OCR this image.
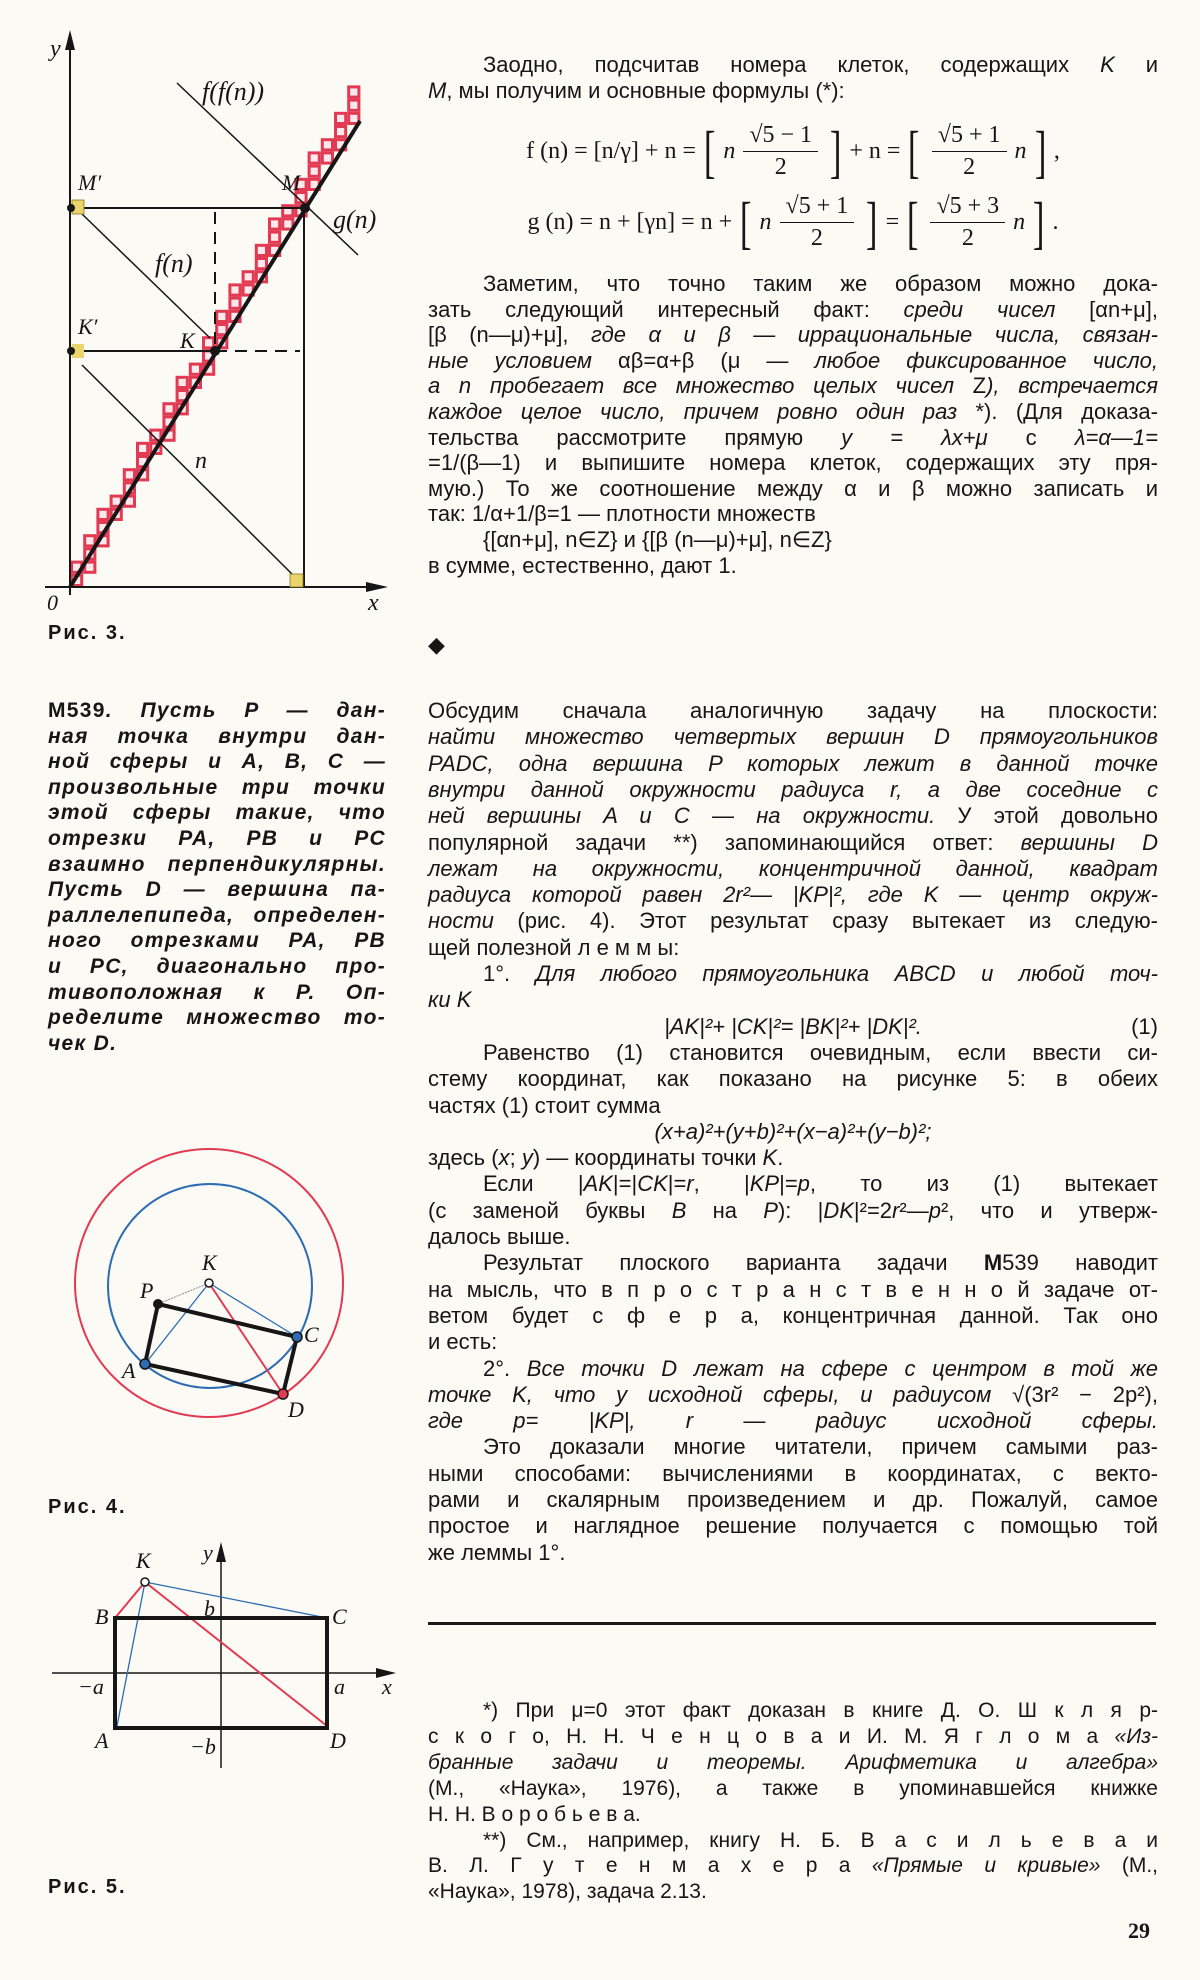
y
x
0
f(f(n))
g(n)
f(n)
n
M
M′
K
K′
Рис. 3.
K
P
A
C
D
Рис. 4.
K y
B	C
b
−a	a x
A	D
−b
Рис. 5.
М539. Пусть P — дан-
ная точка внутри дан-
ной сферы и A, B, C —
произвольные три точки
этой сферы такие, что
отрезки PA, PB и PC
взаимно перпендикулярны.
Пусть D — вершина па-
раллелепипеда, определен-
ного отрезками PA, PB
и PC, диагонально про-
тивоположная к P. Оп-
ределите множество то-
чек D.
Заодно, подсчитав номера клеток, содержащих K и
M, мы получим и основные формулы (*):
f (n) = [n/γ] + n = [ n $\frac{√5 - 1}{2}$ ] + n = [ $\frac{√5 + 1}{2}$ n ] ,
g (n) = n + [γn] = n + [ n $\frac{√5 + 1}{2}$ ] = [ $\frac{√5 + 3}{2}$ n ] .
Заметим, что точно таким же образом можно дока-
зать следующий интересный факт: среди чисел [αn+μ],
[β (n—μ)+μ], где α и β — иррациональные числа, связан-
ные условием αβ=α+β (μ — любое фиксированное число,
а n пробегает все множество целых чисел Z), встречается
каждое целое число, причем ровно один раз *). (Для доказа-
тельства рассмотрите прямую y = λx+μ с λ=α—1=
=1/(β—1) и выпишите номера клеток, содержащих эту пря-
мую.) То же соотношение между α и β можно записать и
так: 1/α+1/β=1 — плотности множеств
{[αn+μ], n∈Z} и {[β (n—μ)+μ], n∈Z}
в сумме, естественно, дают 1.
◆
Обсудим сначала аналогичную задачу на плоскости:
найти множество четвертых вершин D прямоугольников
PADC, одна вершина P которых лежит в данной точке
внутри данной окружности радиуса r, а две соседние с
ней вершины A и C — на окружности. У этой довольно
популярной задачи **) запоминающийся ответ: вершины D
лежат на окружности, концентричной данной, квадрат
радиуса которой равен 2r²— |KP|², где K — центр окруж-
ности (рис. 4). Этот результат сразу вытекает из следую-
щей полезной л е м м ы:
1°. Для любого прямоугольника ABCD и любой точ-
ки K
|AK|²+ |CK|²= |BK|²+ |DK|².	(1)
Равенство (1) становится очевидным, если ввести си-
стему координат, как показано на рисунке 5: в обеих
частях (1) стоит сумма
(x+a)²+(y+b)²+(x−a)²+(y−b)²;
здесь (x; y) — координаты точки K.
Если |AK|=|CK|=r, |KP|=p, то из (1) вытекает
(с заменой буквы B на P): |DK|²=2r²—p², что и утверж-
далось выше.
Результат плоского варианта задачи М539 наводит
на мысль, что в п р о с т р а н с т в е н н о й задаче от-
ветом будет с ф е р а, концентричная данной. Так оно
и есть:
2°. Все точки D лежат на сфере с центром в той же
точке K, что у исходной сферы, и радиусом √(3r² − 2p²),
где p= |KP|, r — радиус исходной сферы.
Это доказали многие читатели, причем самыми раз-
ными способами: вычислениями в координатах, с векто-
рами и скалярным произведением и др. Пожалуй, самое
простое и наглядное решение получается с помощью той
же леммы 1°.
*) При μ=0 этот факт доказан в книге Д. О. Ш к л я р-
с к о г о, Н. Н. Ч е н ц о в а и И. М. Я г л о м а «Из-
бранные задачи и теоремы. Арифметика и алгебра»
(М., «Наука», 1976), а также в упоминавшейся книжке
Н. Н. В о р о б ь е в а.
**) См., например, книгу Н. Б. В а с и л ь е в а и
В. Л. Г у т е н м а х е р а «Прямые и кривые» (М.,
«Наука», 1978), задача 2.13.
29
